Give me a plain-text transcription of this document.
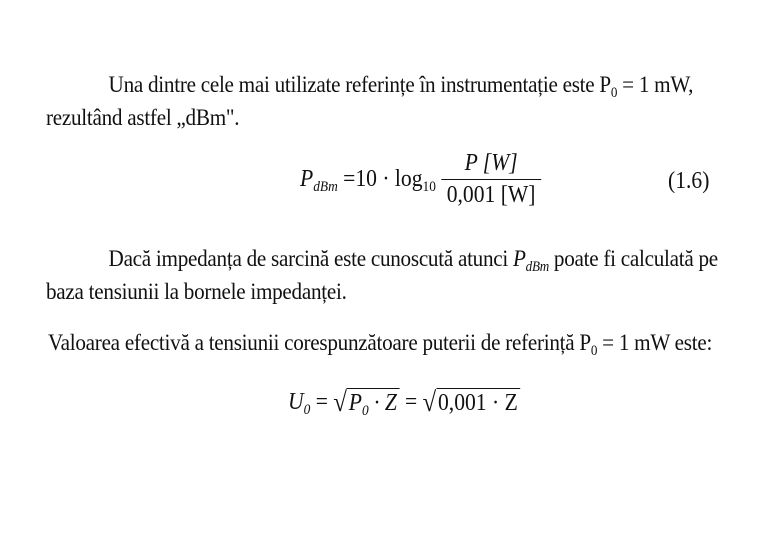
Una dintre cele mai utilizate referințe în instrumentație este $P_0 = 1$ mW,
rezultând astfel „dBm".
$P_{dBm} =10 \cdot \log_{10} \frac{P [W]}{0,001 [W]}$	(1.6)
Dacă impedanța de sarcină este cunoscută atunci $P_{dBm}$ poate fi calculată pe
baza tensiunii la bornele impedanței.
Valoarea efectivă a tensiunii corespunzătoare puterii de referință $P_0 = 1$ mW este:
$U_0$ = √ $P_0 \cdot Z$ = √ 0,001 · Z
